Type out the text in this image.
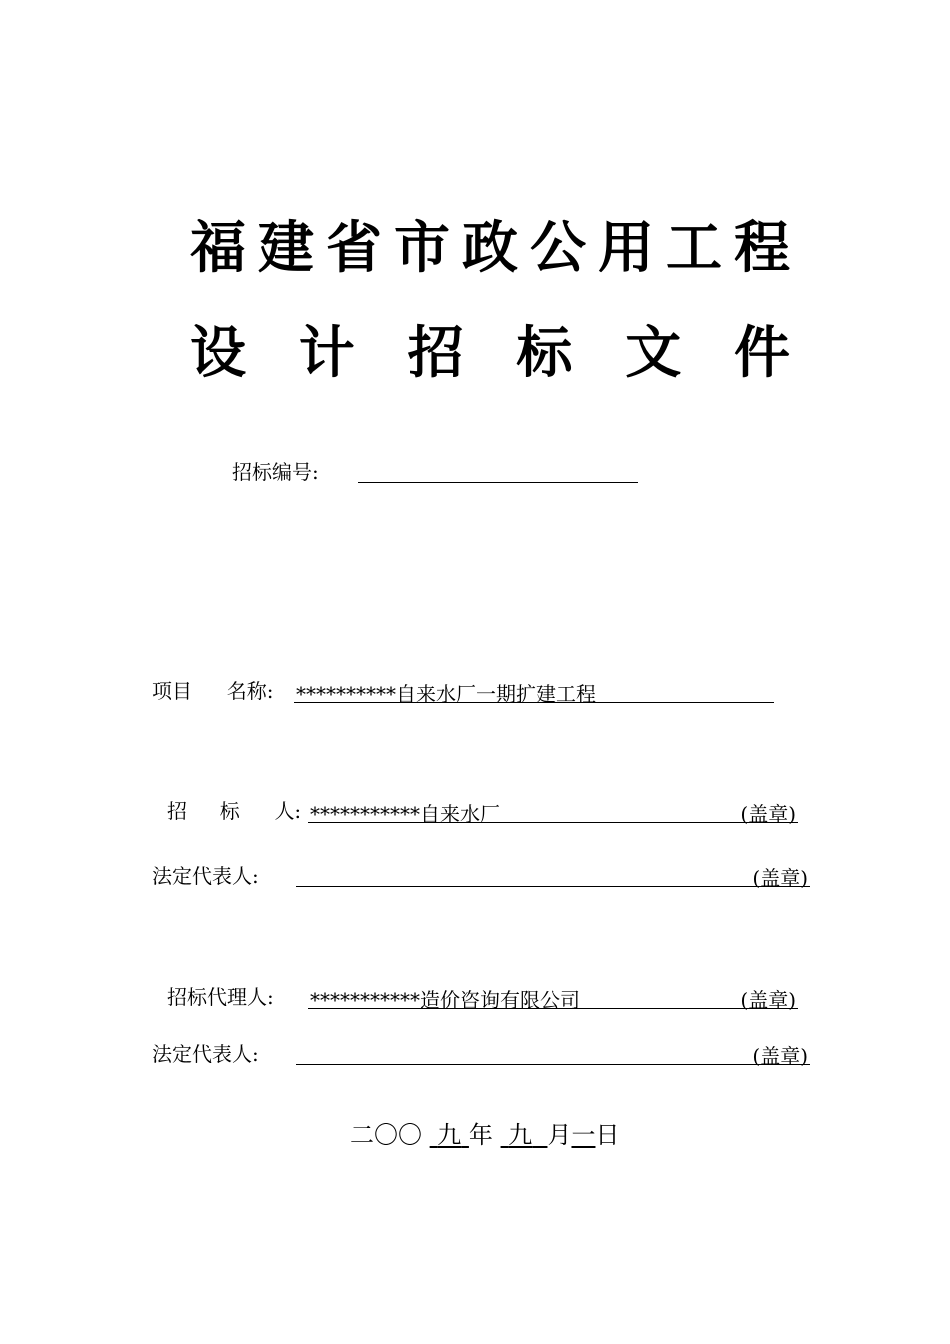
福 建 省 市 政 公 用 工 程
设 计 招 标 文 件
招标编号:
项目 名称: **********自来水厂一期扩建工程
招 标 人: ***********自来水厂	(盖章)
法定代表人:	(盖章)
招标代理人: ***********造价咨询有限公司	(盖章)
法定代表人:	(盖章)
二〇〇 九 年 九 月一日
